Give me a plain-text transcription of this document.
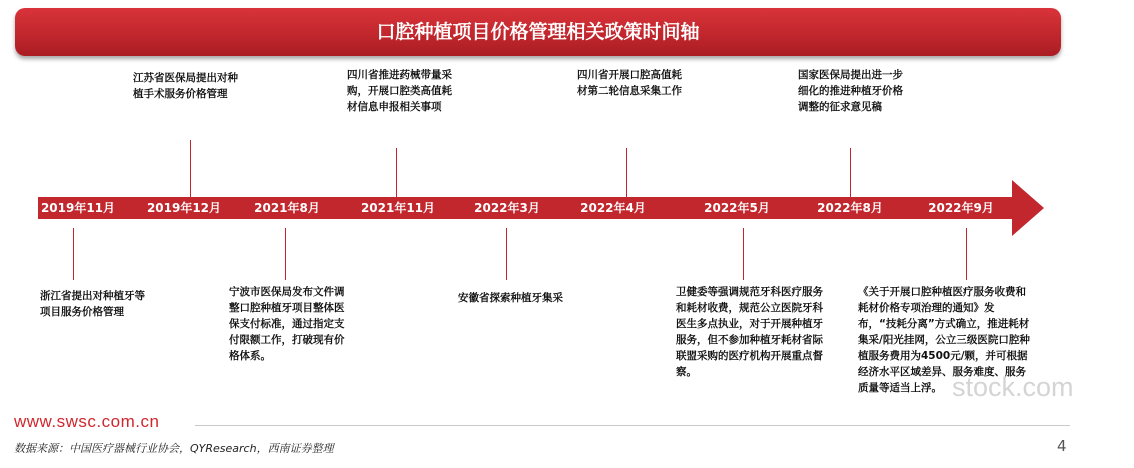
口腔种植项目价格管理相关政策时间轴
2019年11月	2019年12月	2021年8月	2021年11月	2022年3月	2022年4月	2022年5月	2022年8月	2022年9月
江苏省医保局提出对种植手术服务价格管理
四川省推进药械带量采购，开展口腔类高值耗材信息申报相关事项
四川省开展口腔高值耗材第二轮信息采集工作
国家医保局提出进一步细化的推进种植牙价格调整的征求意见稿
浙江省提出对种植牙等项目服务价格管理
宁波市医保局发布文件调整口腔种植牙项目整体医保支付标准，通过指定支付限额工作，打破现有价格体系。
安徽省探索种植牙集采	卫健委等强调规范牙科医疗服务和耗材收费，规范公立医院牙科医生多点执业，对于开展种植牙服务，但不参加种植牙耗材省际联盟采购的医疗机构开展重点督察。
《关于开展口腔种植医疗服务收费和耗材价格专项治理的通知》发布，“技耗分离”方式确立，推进耗材集采/阳光挂网，公立三级医院口腔种植服务费用为4500元/颗，并可根据经济水平区域差异、服务难度、服务质量等适当上浮。 stock.com
www.swsc.com.cn
数据来源：中国医疗器械行业协会，QYResearch，西南证券整理	4
